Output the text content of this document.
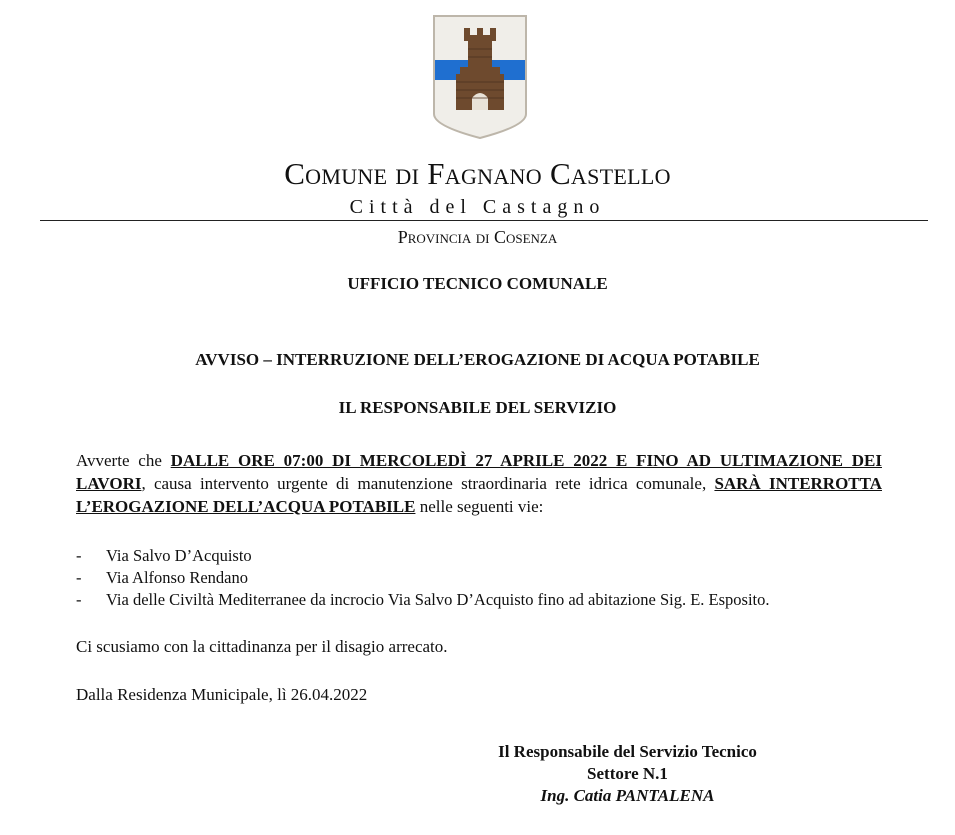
Comune di Fagnano Castello
Città del Castagno
Provincia di Cosenza
UFFICIO TECNICO COMUNALE
AVVISO – INTERRUZIONE DELL’EROGAZIONE DI ACQUA POTABILE
IL RESPONSABILE DEL SERVIZIO

Avverte che DALLE ORE 07:00 DI MERCOLEDÌ 27 APRILE 2022 E FINO AD ULTIMAZIONE DEI LAVORI, causa intervento urgente di manutenzione straordinaria rete idrica comunale, SARÀ INTERROTTA L’EROGAZIONE DELL’ACQUA POTABILE nelle seguenti vie:

- Via Salvo D’Acquisto
- Via Alfonso Rendano
- Via delle Civiltà Mediterranee da incrocio Via Salvo D’Acquisto fino ad abitazione Sig. E. Esposito.
Ci scusiamo con la cittadinanza per il disagio arrecato.
Dalla Residenza Municipale, lì 26.04.2022
Il Responsabile del Servizio Tecnico
Settore N.1
Ing. Catia PANTALENA
